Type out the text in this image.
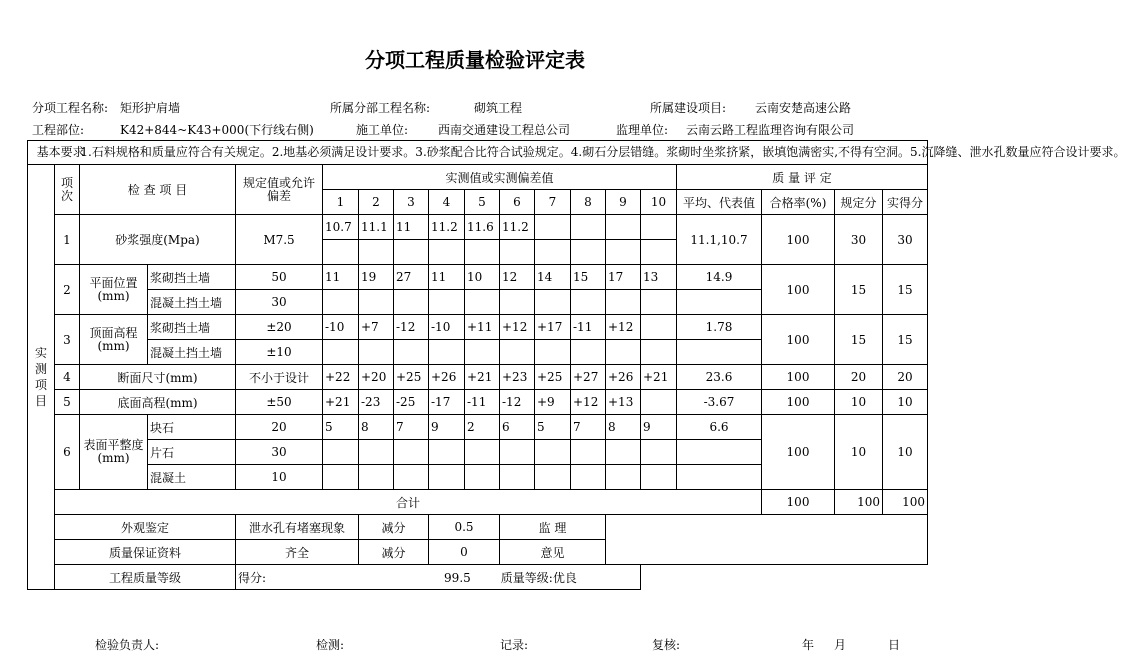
分项工程质量检验评定表
分项工程名称: 矩形护肩墙	所属分部工程名称:	砌筑工程	所属建设项目: 云南安楚高速公路
工程部位:	K42+844~K43+000(下行线右侧)	施工单位: 西南交通建设工程总公司	监理单位: 云南云路工程监理咨询有限公司
基本要求 1.石料规格和质量应符合有关规定。2.地基必须满足设计要求。3.砂浆配合比符合试验规定。4.砌石分层错缝。浆砌时坐浆挤紧，嵌填饱满密实,不得有空洞。5.沉降缝、泄水孔数量应符合设计要求。																		
实
测
项
目	项次	检 查 项 目		规定值或允许偏差	实测值或实测偏差值										质 量 评 定			
					1	2	3	4	5	6	7	8	9	10	平均、代表值	合格率(%)	规定分	实得分
	1	砂浆强度(Mpa)		M7.5	10.7	11.1	11	11.2	11.6	11.2					11.1,10.7	100	30	30

	2	平面位置
(mm)	浆砌挡土墙	50	11	19	27	11	10	12	14	15	17	13	14.9	100	15	15
			混凝土挡土墙	30														
	3	顶面高程
(mm)	浆砌挡土墙	±20	-10	+7	-12	-10	+11	+12	+17	-11	+12		1.78	100	15	15
			混凝土挡土墙	±10														
	4	断面尺寸(mm)		不小于设计	+22	+20	+25	+26	+21	+23	+25	+27	+26	+21	23.6	100	20	20
	5	底面高程(mm)		±50	+21	-23	-25	-17	-11	-12	+9	+12	+13		-3.67	100	10	10
	6	表面平整度
(mm)	块石	20	5	8	7	9	2	6	5	7	8	9	6.6	100	10	10
			片石	30														
			混凝土	10														
	合计															100	100	100
	外观鉴定			泄水孔有堵塞现象		减分		0.5		监 理								
	质量保证资料			齐全		减分		0		意见								
	工程质量等级			得分: 99.5 质量等级:优良														
检验负责人:	检测:	记录:	复核:	年 月	日
